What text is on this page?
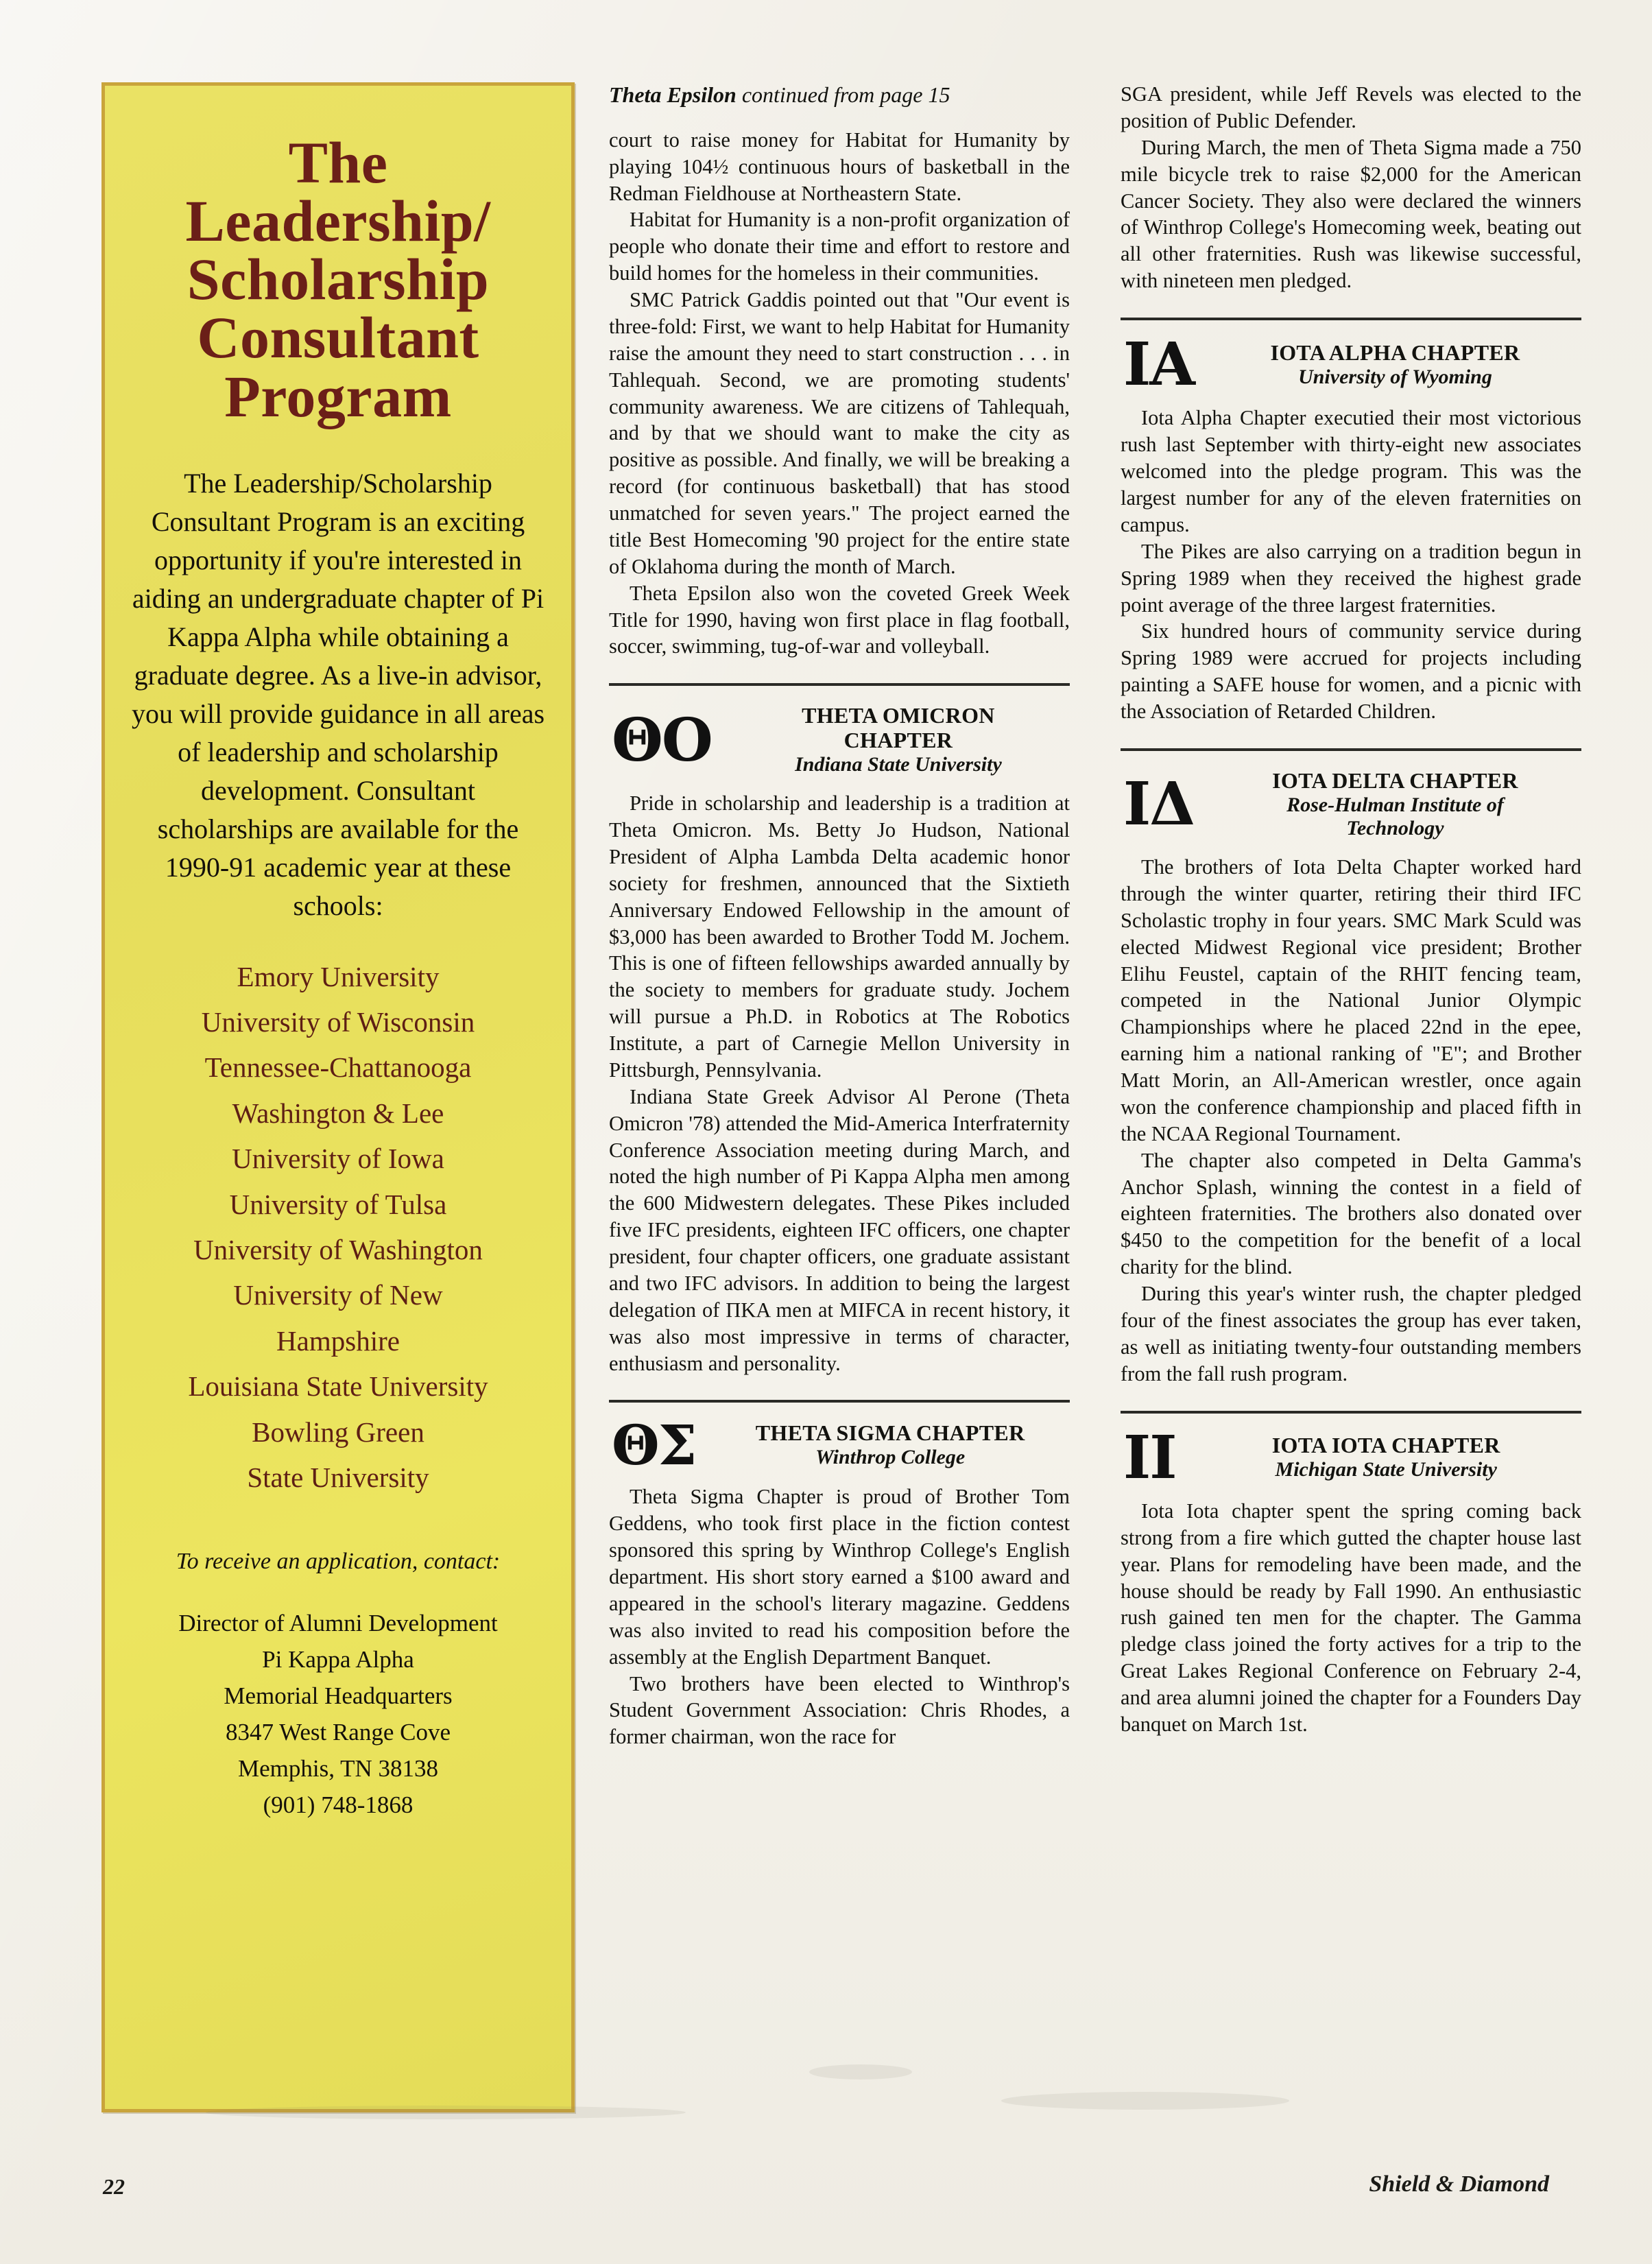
The
Leadership/
Scholarship
Consultant
Program
The Leadership/Scholarship Consultant Program is an exciting opportunity if you're interested in aiding an undergraduate chapter of Pi Kappa Alpha while obtaining a graduate degree. As a live-in advisor, you will provide guidance in all areas of leadership and scholarship development. Consultant scholarships are available for the 1990-91 academic year at these schools:
Emory University
University of Wisconsin
Tennessee-Chattanooga
Washington & Lee
University of Iowa
University of Tulsa
University of Washington
University of New
Hampshire
Louisiana State University
Bowling Green
State University
To receive an application, contact:
Director of Alumni Development
Pi Kappa Alpha
Memorial Headquarters
8347 West Range Cove
Memphis, TN 38138
(901) 748-1868
Theta Epsilon continued from page 15

court to raise money for Habitat for Humanity by playing 104½ continuous hours of basketball in the Redman Fieldhouse at Northeastern State.

Habitat for Humanity is a non-profit organization of people who donate their time and effort to restore and build homes for the homeless in their communities.

SMC Patrick Gaddis pointed out that "Our event is three-fold: First, we want to help Habitat for Humanity raise the amount they need to start construction . . . in Tahlequah. Second, we are promoting students' community awareness. We are citizens of Tahlequah, and by that we should want to make the city as positive as possible. And finally, we will be breaking a record (for continuous basketball) that has stood unmatched for seven years." The project earned the title Best Homecoming '90 project for the entire state of Oklahoma during the month of March.

Theta Epsilon also won the coveted Greek Week Title for 1990, having won first place in flag football, soccer, swimming, tug-of-war and volleyball.

ΘΟ	THETA OMICRON
CHAPTER
Indiana State University

Pride in scholarship and leadership is a tradition at Theta Omicron. Ms. Betty Jo Hudson, National President of Alpha Lambda Delta academic honor society for freshmen, announced that the Sixtieth Anniversary Endowed Fellowship in the amount of $3,000 has been awarded to Brother Todd M. Jochem. This is one of fifteen fellowships awarded annually by the society to members for graduate study. Jochem will pursue a Ph.D. in Robotics at The Robotics Institute, a part of Carnegie Mellon University in Pittsburgh, Pennsylvania.

Indiana State Greek Advisor Al Perone (Theta Omicron '78) attended the Mid-America Interfraternity Conference Association meeting during March, and noted the high number of Pi Kappa Alpha men among the 600 Midwestern delegates. These Pikes included five IFC presidents, eighteen IFC officers, one chapter president, four chapter officers, one graduate assistant and two IFC advisors. In addition to being the largest delegation of ΠΚΑ men at MIFCA in recent history, it was also most impressive in terms of character, enthusiasm and personality.

ΘΣ	THETA SIGMA CHAPTER
Winthrop College

Theta Sigma Chapter is proud of Brother Tom Geddens, who took first place in the fiction contest sponsored this spring by Winthrop College's English department. His short story earned a $100 award and appeared in the school's literary magazine. Geddens was also invited to read his composition before the assembly at the English Department Banquet.

Two brothers have been elected to Winthrop's Student Government Association: Chris Rhodes, a former chairman, won the race for

SGA president, while Jeff Revels was elected to the position of Public Defender.

During March, the men of Theta Sigma made a 750 mile bicycle trek to raise $2,000 for the American Cancer Society. They also were declared the winners of Winthrop College's Homecoming week, beating out all other fraternities. Rush was likewise successful, with nineteen men pledged.

ΙΑ	IOTA ALPHA CHAPTER
University of Wyoming

Iota Alpha Chapter executied their most victorious rush last September with thirty-eight new associates welcomed into the pledge program. This was the largest number for any of the eleven fraternities on campus.

The Pikes are also carrying on a tradition begun in Spring 1989 when they received the highest grade point average of the three largest fraternities.

Six hundred hours of community service during Spring 1989 were accrued for projects including painting a SAFE house for women, and a picnic with the Association of Retarded Children.

ΙΔ	IOTA DELTA CHAPTER
Rose-Hulman Institute of
Technology

The brothers of Iota Delta Chapter worked hard through the winter quarter, retiring their third IFC Scholastic trophy in four years. SMC Mark Sculd was elected Midwest Regional vice president; Brother Elihu Feustel, captain of the RHIT fencing team, competed in the National Junior Olympic Championships where he placed 22nd in the epee, earning him a national ranking of "E"; and Brother Matt Morin, an All-American wrestler, once again won the conference championship and placed fifth in the NCAA Regional Tournament.

The chapter also competed in Delta Gamma's Anchor Splash, winning the contest in a field of eighteen fraternities. The brothers also donated over $450 to the competition for the benefit of a local charity for the blind.

During this year's winter rush, the chapter pledged four of the finest associates the group has ever taken, as well as initiating twenty-four outstanding members from the fall rush program.

ΙΙ	IOTA IOTA CHAPTER
Michigan State University

Iota Iota chapter spent the spring coming back strong from a fire which gutted the chapter house last year. Plans for remodeling have been made, and the house should be ready by Fall 1990. An enthusiastic rush gained ten men for the chapter. The Gamma pledge class joined the forty actives for a trip to the Great Lakes Regional Conference on February 2-4, and area alumni joined the chapter for a Founders Day banquet on March 1st.

22	Shield & Diamond
